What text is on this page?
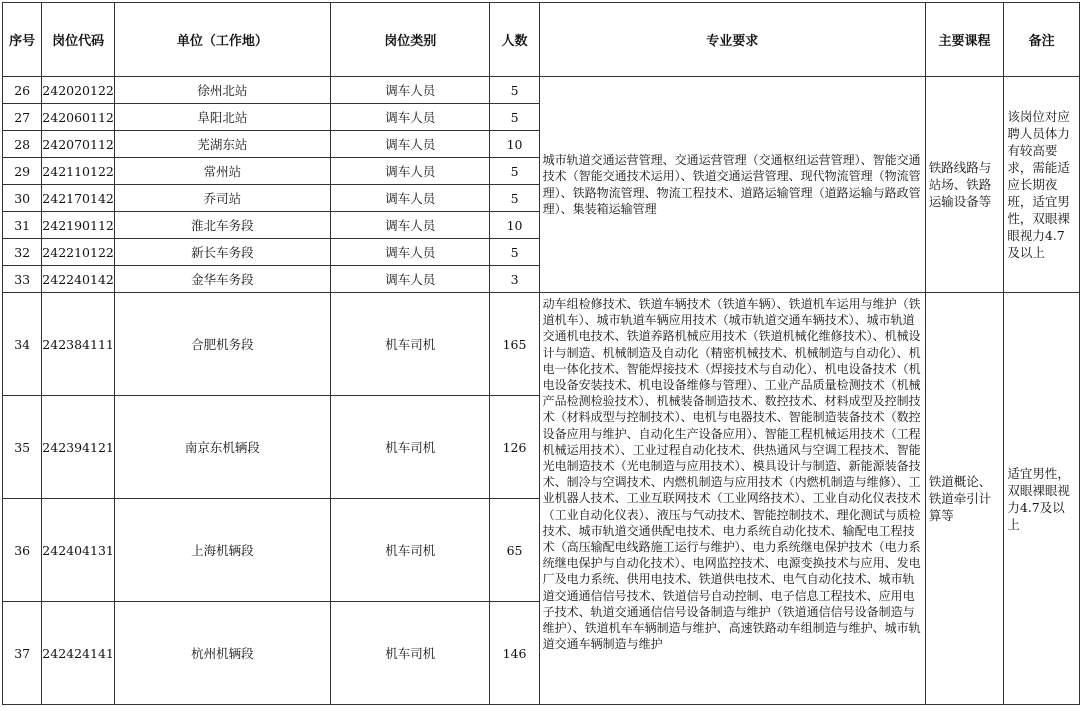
序号	岗位代码	单位（工作地）	岗位类别	人数	专业要求	主要课程	备注
26	242020122	徐州北站	调车人员	5	城市轨道交通运营管理、交通运营管理（交通枢纽运营管理）、智能交通技术（智能交通技术运用）、铁道交通运营管理、现代物流管理（物流管理）、铁路物流管理、物流工程技术、道路运输管理（道路运输与路政管理）、集装箱运输管理	铁路线路与站场、铁路运输设备等	该岗位对应聘人员体力有较高要求，需能适应长期夜班，适宜男性，双眼裸眼视力4.7及以上
27	242060112	阜阳北站	调车人员	5			
28	242070112	芜湖东站	调车人员	10			
29	242110122	常州站	调车人员	5			
30	242170142	乔司站	调车人员	5			
31	242190112	淮北车务段	调车人员	10			
32	242210122	新长车务段	调车人员	5			
33	242240142	金华车务段	调车人员	3			
34	242384111	合肥机务段	机车司机	165	动车组检修技术、铁道车辆技术（铁道车辆）、铁道机车运用与维护（铁道机车）、城市轨道车辆应用技术（城市轨道交通车辆技术）、城市轨道交通机电技术、铁道养路机械应用技术（铁道机械化维修技术）、机械设计与制造、机械制造及自动化（精密机械技术、机械制造与自动化）、机电一体化技术、智能焊接技术（焊接技术与自动化）、机电设备技术（机电设备安装技术、机电设备维修与管理）、工业产品质量检测技术（机械产品检测检验技术）、机械装备制造技术、数控技术、材料成型及控制技术（材料成型与控制技术）、电机与电器技术、智能制造装备技术（数控设备应用与维护、自动化生产设备应用）、智能工程机械运用技术（工程机械运用技术）、工业过程自动化技术、供热通风与空调工程技术、智能光电制造技术（光电制造与应用技术）、模具设计与制造、新能源装备技术、制冷与空调技术、内燃机制造与应用技术（内燃机制造与维修）、工业机器人技术、工业互联网技术（工业网络技术）、工业自动化仪表技术（工业自动化仪表）、液压与气动技术、智能控制技术、理化测试与质检技术、城市轨道交通供配电技术、电力系统自动化技术、输配电工程技术（高压输配电线路施工运行与维护）、电力系统继电保护技术（电力系统继电保护与自动化技术）、电网监控技术、电源变换技术与应用、发电厂及电力系统、供用电技术、铁道供电技术、电气自动化技术、城市轨道交通通信信号技术、铁道信号自动控制、电子信息工程技术、应用电子技术、轨道交通通信信号设备制造与维护（铁道通信信号设备制造与维护）、铁道机车车辆制造与维护、高速铁路动车组制造与维护、城市轨道交通车辆制造与维护	铁道概论、铁道牵引计算等	适宜男性，双眼裸眼视力4.7及以上
35	242394121	南京东机辆段	机车司机	126			
36	242404131	上海机辆段	机车司机	65			
37	242424141	杭州机辆段	机车司机	146			
